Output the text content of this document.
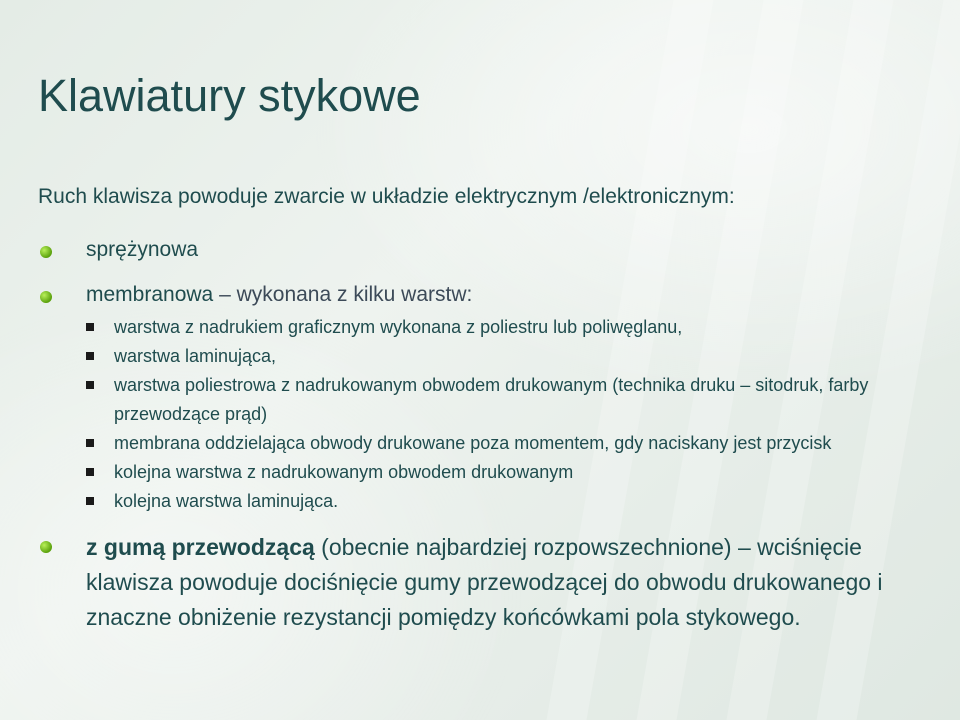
Klawiatury stykowe
Ruch klawisza powoduje zwarcie w układzie elektrycznym /elektronicznym:
sprężynowa
membranowa – wykonana z kilku warstw:
warstwa z nadrukiem graficznym wykonana z poliestru lub poliwęglanu,
warstwa laminująca,
warstwa poliestrowa z nadrukowanym obwodem drukowanym (technika druku – sitodruk, farby przewodzące prąd)
membrana oddzielająca obwody drukowane poza momentem, gdy naciskany jest przycisk
kolejna warstwa z nadrukowanym obwodem drukowanym
kolejna warstwa laminująca.
z gumą przewodzącą (obecnie najbardziej rozpowszechnione) – wciśnięcie klawisza powoduje dociśnięcie gumy przewodzącej do obwodu drukowanego i znaczne obniżenie rezystancji pomiędzy końcówkami pola stykowego.
